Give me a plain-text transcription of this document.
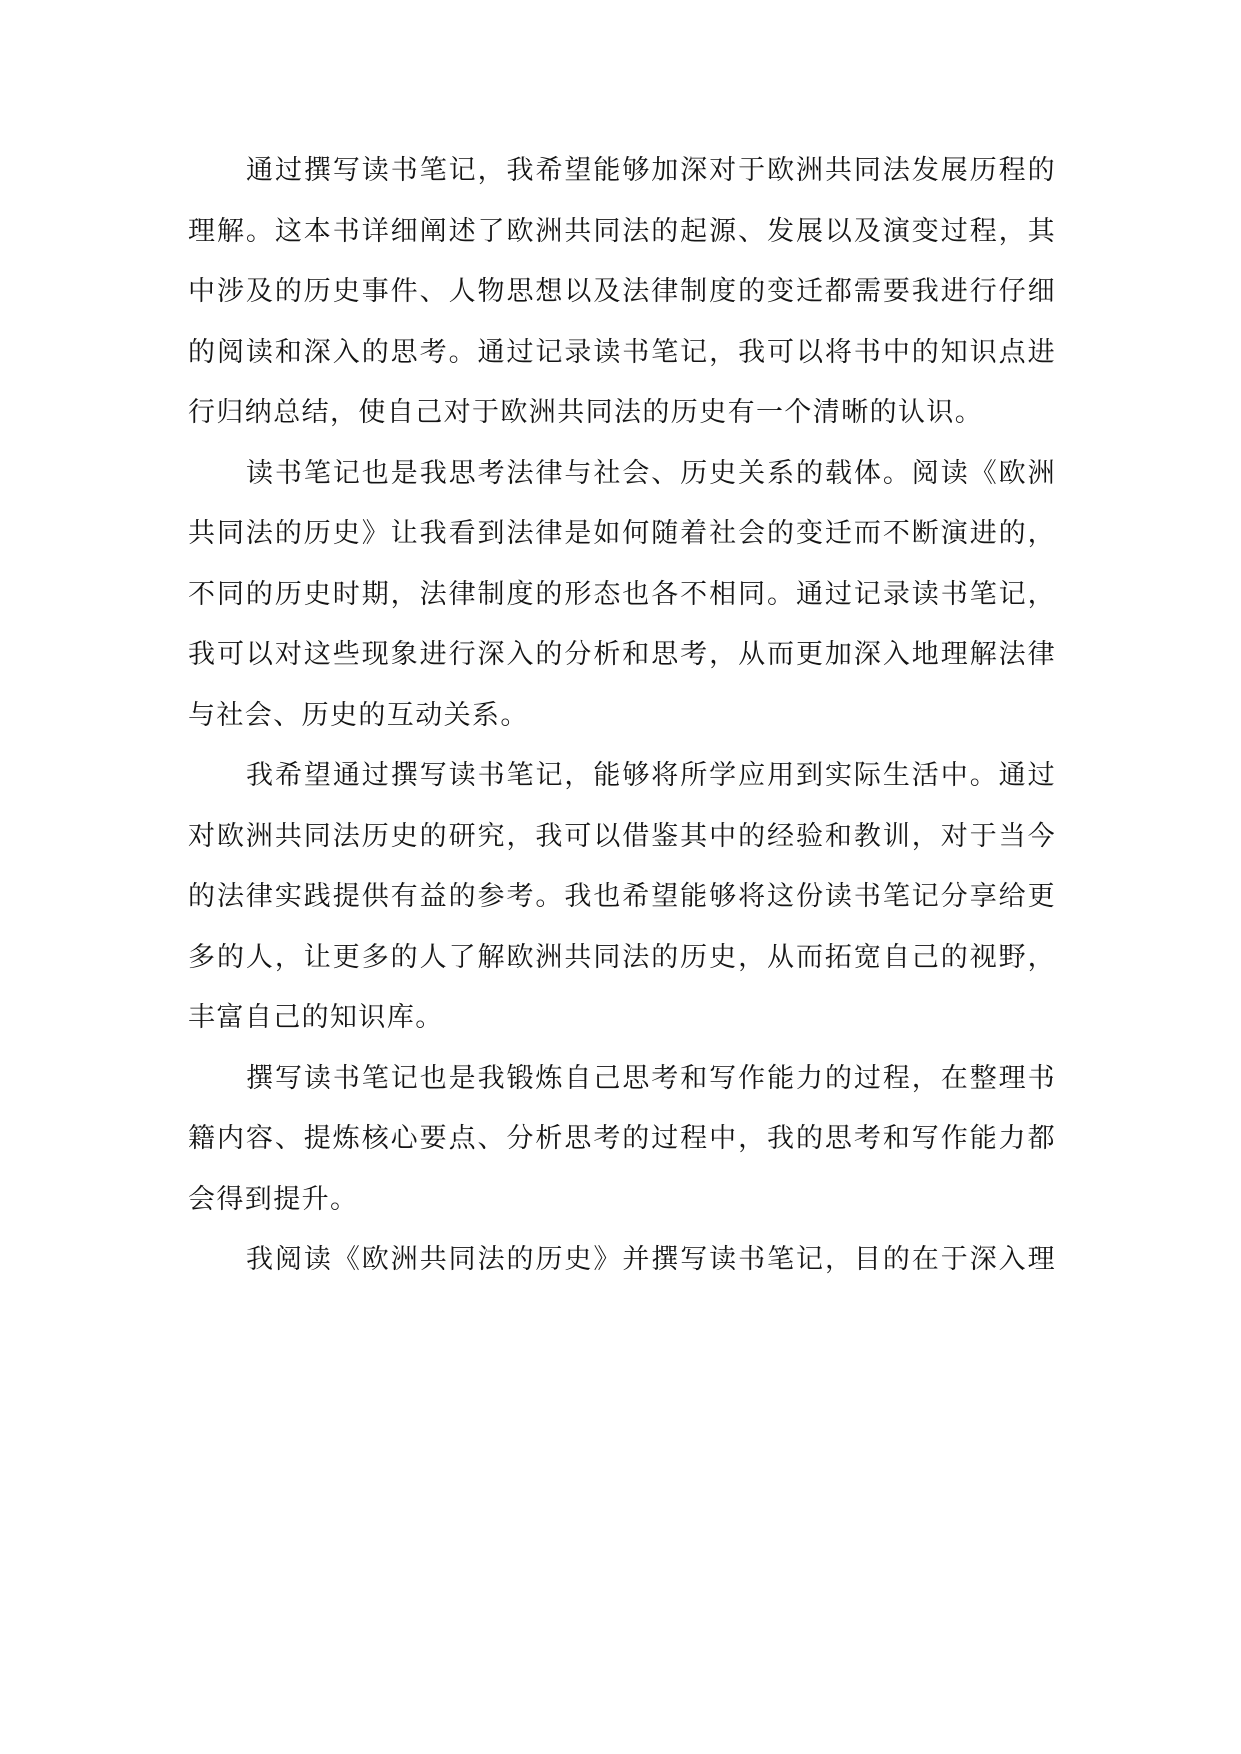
通过撰写读书笔记，我希望能够加深对于欧洲共同法发展历程的
理解。这本书详细阐述了欧洲共同法的起源、发展以及演变过程，其
中涉及的历史事件、人物思想以及法律制度的变迁都需要我进行仔细
的阅读和深入的思考。通过记录读书笔记，我可以将书中的知识点进
行归纳总结，使自己对于欧洲共同法的历史有一个清晰的认识。
读书笔记也是我思考法律与社会、历史关系的载体。阅读《欧洲
共同法的历史》让我看到法律是如何随着社会的变迁而不断演进的，
不同的历史时期，法律制度的形态也各不相同。通过记录读书笔记，
我可以对这些现象进行深入的分析和思考，从而更加深入地理解法律
与社会、历史的互动关系。
我希望通过撰写读书笔记，能够将所学应用到实际生活中。通过
对欧洲共同法历史的研究，我可以借鉴其中的经验和教训，对于当今
的法律实践提供有益的参考。我也希望能够将这份读书笔记分享给更
多的人，让更多的人了解欧洲共同法的历史，从而拓宽自己的视野，
丰富自己的知识库。
撰写读书笔记也是我锻炼自己思考和写作能力的过程，在整理书
籍内容、提炼核心要点、分析思考的过程中，我的思考和写作能力都
会得到提升。
我阅读《欧洲共同法的历史》并撰写读书笔记，目的在于深入理
